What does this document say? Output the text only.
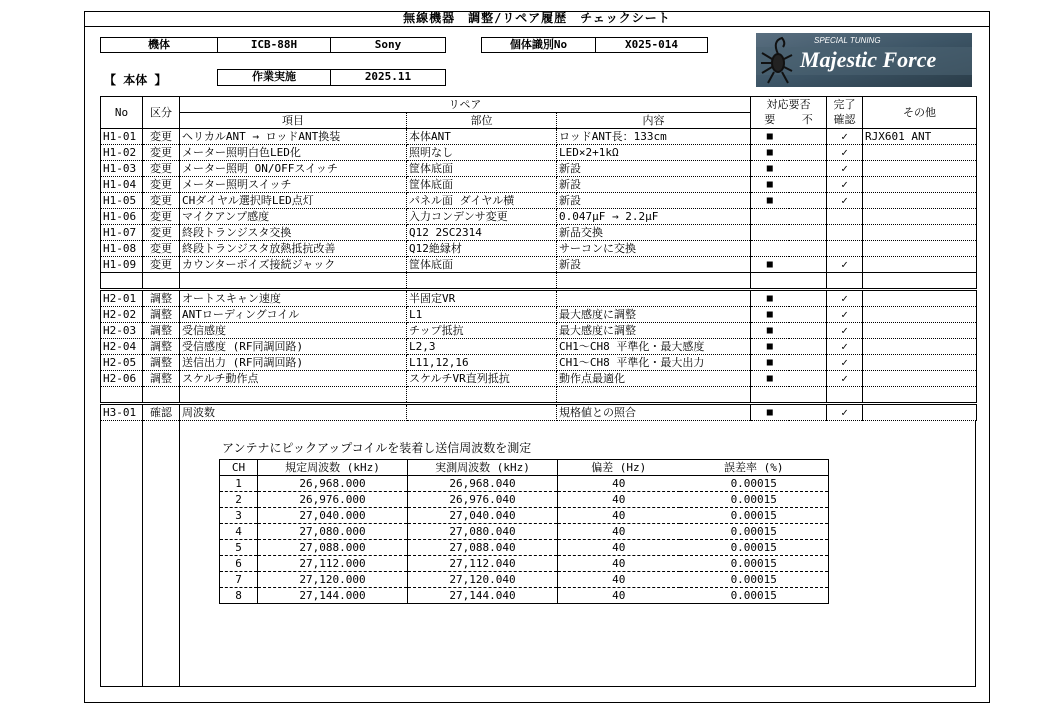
無線機器　調整/リペア履歴　チェックシート
機体	ICB-88H	Sony	個体識別No	X025-014
【 本体 】	作業実施	2025.11
SPECIAL TUNING
Majestic Force
No	区分	リペア			対応要否		完了	その他
		項目	部位	内容	要	不	確認	
H1-01	変更	ヘリカルANT → ロッドANT換装	本体ANT	ロッドANT長：133cm	■		✓	RJX601 ANT
H1-02	変更	メーター照明白色LED化	照明なし	LED×2+1kΩ	■		✓	
H1-03	変更	メーター照明 ON/OFFスイッチ	筐体底面	新設	■		✓	
H1-04	変更	メーター照明スイッチ	筐体底面	新設	■		✓	
H1-05	変更	CHダイヤル選択時LED点灯	パネル面 ダイヤル横	新設	■		✓	
H1-06	変更	マイクアンプ感度	入力コンデンサ変更	0.047μF → 2.2μF				
H1-07	変更	終段トランジスタ交換	Q12 2SC2314	新品交換				
H1-08	変更	終段トランジスタ放熱抵抗改善	Q12絶縁材	サーコンに交換				
H1-09	変更	カウンターポイズ接続ジャック	筐体底面	新設	■		✓	

H2-01	調整	オートスキャン速度	半固定VR		■		✓	
H2-02	調整	ANTローディングコイル	L1	最大感度に調整	■		✓	
H2-03	調整	受信感度	チップ抵抗	最大感度に調整	■		✓	
H2-04	調整	受信感度 (RF同調回路)	L2,3	CH1～CH8 平準化・最大感度	■		✓	
H2-05	調整	送信出力 (RF同調回路)	L11,12,16	CH1～CH8 平準化・最大出力	■		✓	
H2-06	調整	スケルチ動作点	スケルチVR直列抵抗	動作点最適化	■		✓	

H3-01	確認	周波数		規格値との照合	■		✓	
アンテナにピックアップコイルを装着し送信周波数を測定
CH	規定周波数 (kHz)	実測周波数 (kHz)	偏差 (Hz)	誤差率 (%)
1	26,968.000	26,968.040	40	0.00015
2	26,976.000	26,976.040	40	0.00015
3	27,040.000	27,040.040	40	0.00015
4	27,080.000	27,080.040	40	0.00015
5	27,088.000	27,088.040	40	0.00015
6	27,112.000	27,112.040	40	0.00015
7	27,120.000	27,120.040	40	0.00015
8	27,144.000	27,144.040	40	0.00015
